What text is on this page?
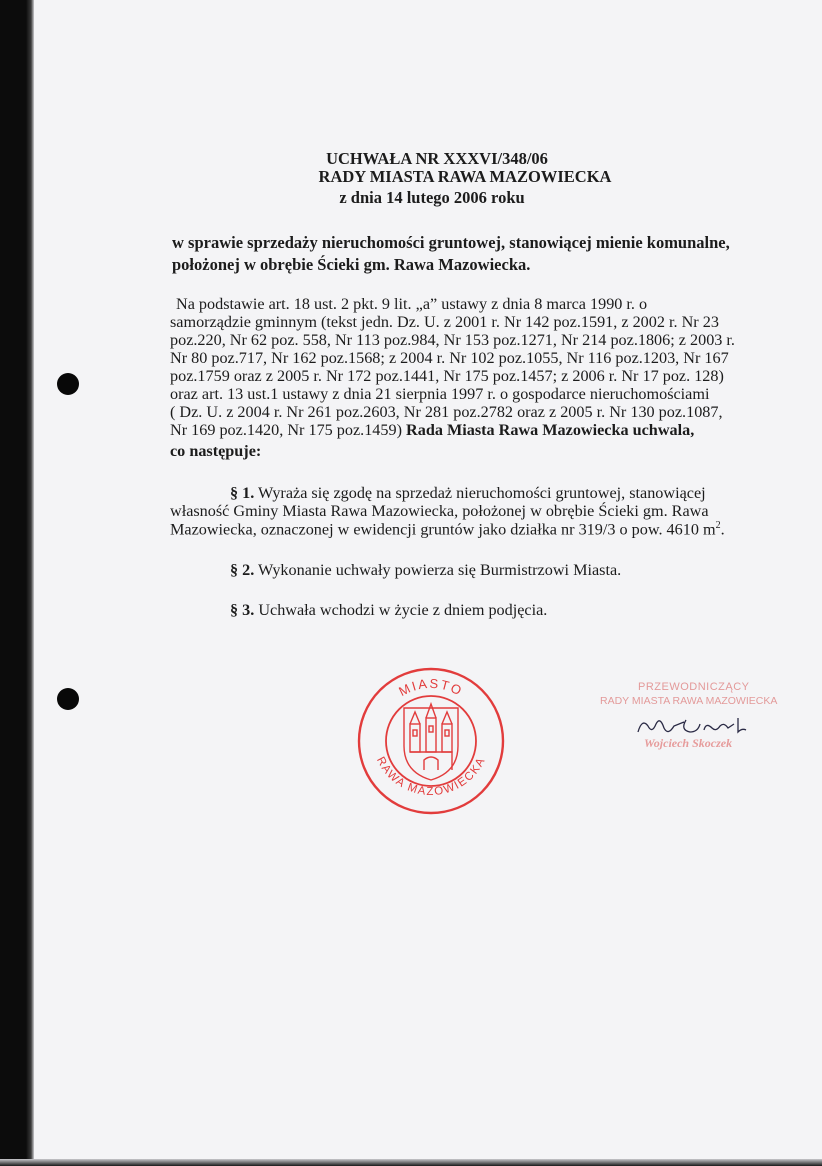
UCHWAŁA NR XXXVI/348/06
RADY MIASTA RAWA MAZOWIECKA
z dnia 14 lutego 2006 roku
w sprawie sprzedaży nieruchomości gruntowej, stanowiącej mienie komunalne,
położonej w obrębie Ścieki gm. Rawa Mazowiecka.
Na podstawie art. 18 ust. 2 pkt. 9 lit. „a” ustawy z dnia 8 marca 1990 r. o
samorządzie gminnym (tekst jedn. Dz. U. z 2001 r. Nr 142 poz.1591, z 2002 r. Nr 23
poz.220, Nr 62 poz. 558, Nr 113 poz.984, Nr 153 poz.1271, Nr 214 poz.1806; z 2003 r.
Nr 80 poz.717, Nr 162 poz.1568; z 2004 r. Nr 102 poz.1055, Nr 116 poz.1203, Nr 167
poz.1759 oraz z 2005 r. Nr 172 poz.1441, Nr 175 poz.1457; z 2006 r. Nr 17 poz. 128)
oraz art. 13 ust.1 ustawy z dnia 21 sierpnia 1997 r. o gospodarce nieruchomościami
( Dz. U. z 2004 r. Nr 261 poz.2603, Nr 281 poz.2782 oraz z 2005 r. Nr 130 poz.1087,
Nr 169 poz.1420, Nr 175 poz.1459) Rada Miasta Rawa Mazowiecka uchwala,
co następuje:
§ 1. Wyraża się zgodę na sprzedaż nieruchomości gruntowej, stanowiącej
własność Gminy Miasta Rawa Mazowiecka, położonej w obrębie Ścieki gm. Rawa
Mazowiecka, oznaczonej w ewidencji gruntów jako działka nr 319/3 o pow. 4610 $m^2$.
§ 2. Wykonanie uchwały powierza się Burmistrzowi Miasta.
§ 3. Uchwała wchodzi w życie z dniem podjęcia.
MIASTO
RAWA MAZOWIECKA
PRZEWODNICZĄCY
RADY MIASTA RAWA MAZOWIECKA
Wojciech Skoczek
